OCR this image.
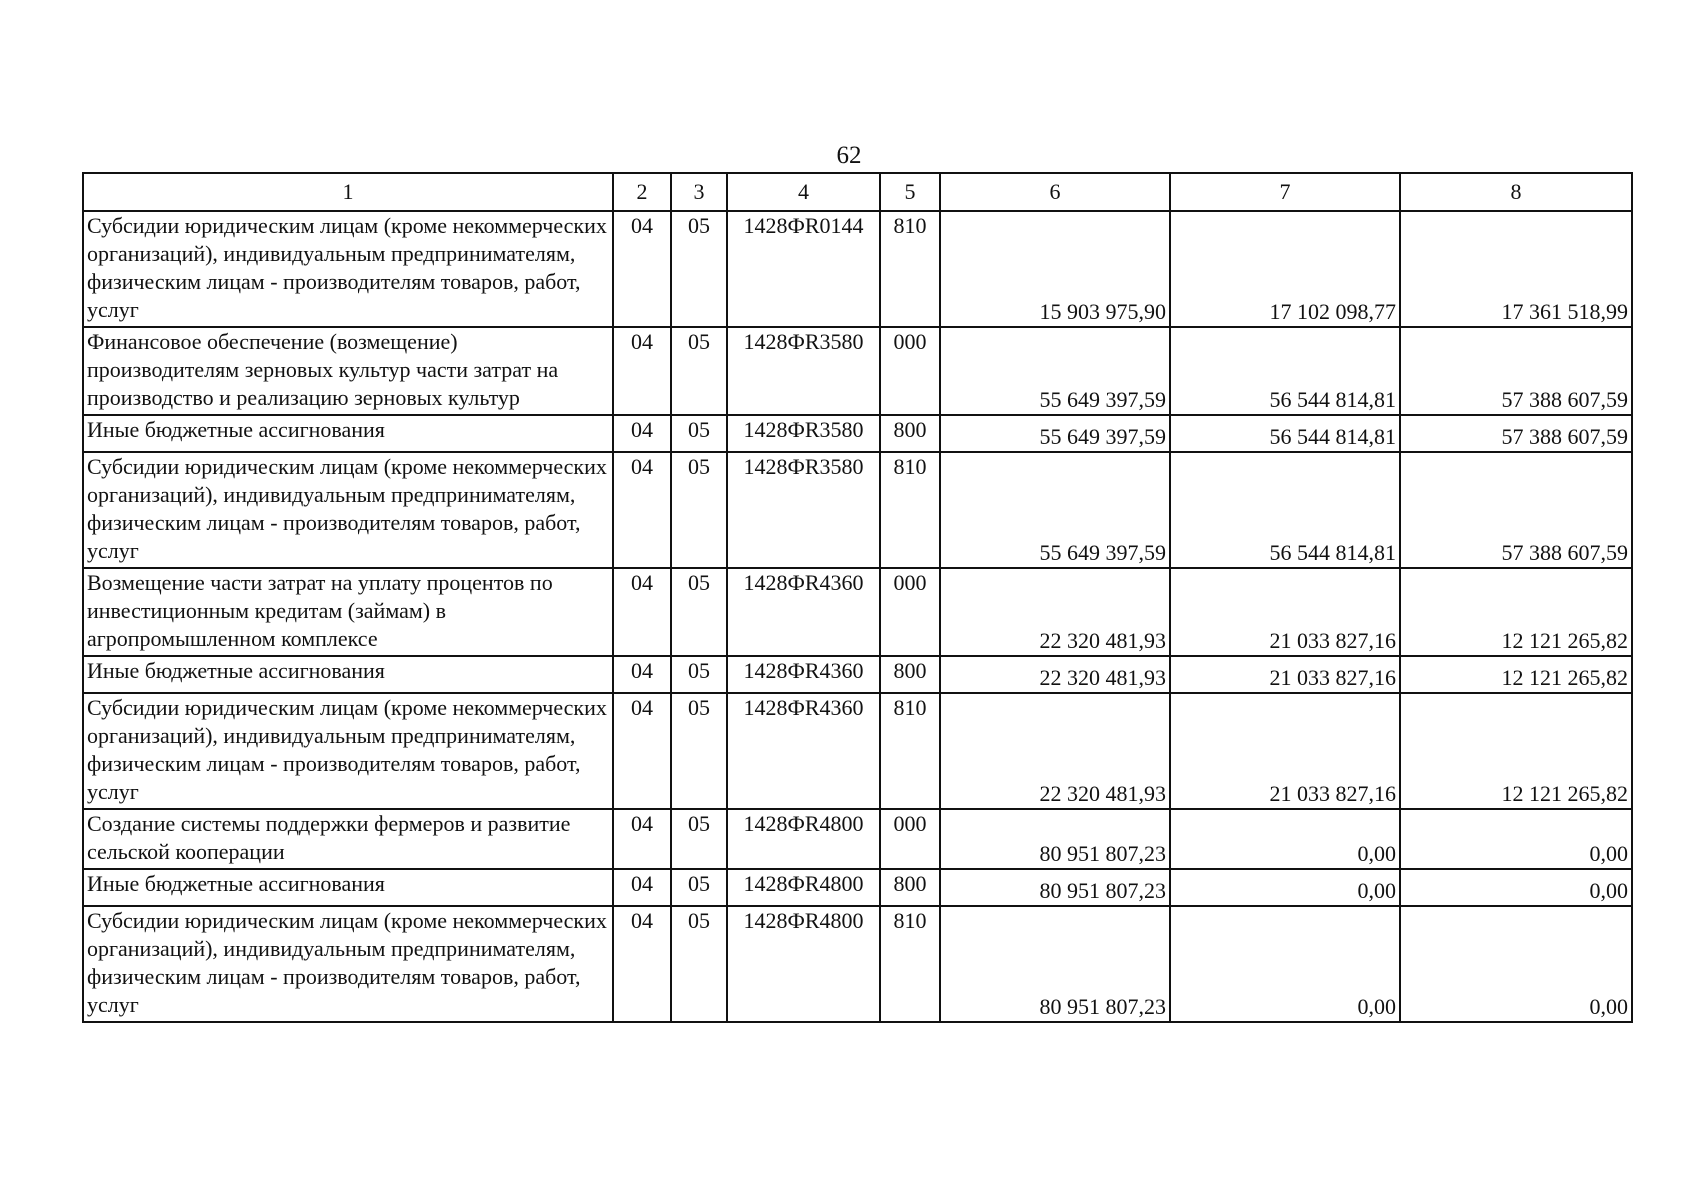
62
1	2	3	4	5	6	7	8
Субсидии юридическим лицам (кроме некоммерческих организаций), индивидуальным предпринимателям, физическим лицам - производителям товаров, работ, услуг	04	05	1428ФR0144	810	15 903 975,90	17 102 098,77	17 361 518,99
Финансовое обеспечение (возмещение) производителям зерновых культур части затрат на производство и реализацию зерновых культур	04	05	1428ФR3580	000	55 649 397,59	56 544 814,81	57 388 607,59
Иные бюджетные ассигнования	04	05	1428ФR3580	800	55 649 397,59	56 544 814,81	57 388 607,59
Субсидии юридическим лицам (кроме некоммерческих организаций), индивидуальным предпринимателям, физическим лицам - производителям товаров, работ, услуг	04	05	1428ФR3580	810	55 649 397,59	56 544 814,81	57 388 607,59
Возмещение части затрат на уплату процентов по инвестиционным кредитам (займам) в агропромышленном комплексе	04	05	1428ФR4360	000	22 320 481,93	21 033 827,16	12 121 265,82
Иные бюджетные ассигнования	04	05	1428ФR4360	800	22 320 481,93	21 033 827,16	12 121 265,82
Субсидии юридическим лицам (кроме некоммерческих организаций), индивидуальным предпринимателям, физическим лицам - производителям товаров, работ, услуг	04	05	1428ФR4360	810	22 320 481,93	21 033 827,16	12 121 265,82
Создание системы поддержки фермеров и развитие сельской кооперации	04	05	1428ФR4800	000	80 951 807,23	0,00	0,00
Иные бюджетные ассигнования	04	05	1428ФR4800	800	80 951 807,23	0,00	0,00
Субсидии юридическим лицам (кроме некоммерческих организаций), индивидуальным предпринимателям, физическим лицам - производителям товаров, работ, услуг	04	05	1428ФR4800	810	80 951 807,23	0,00	0,00
